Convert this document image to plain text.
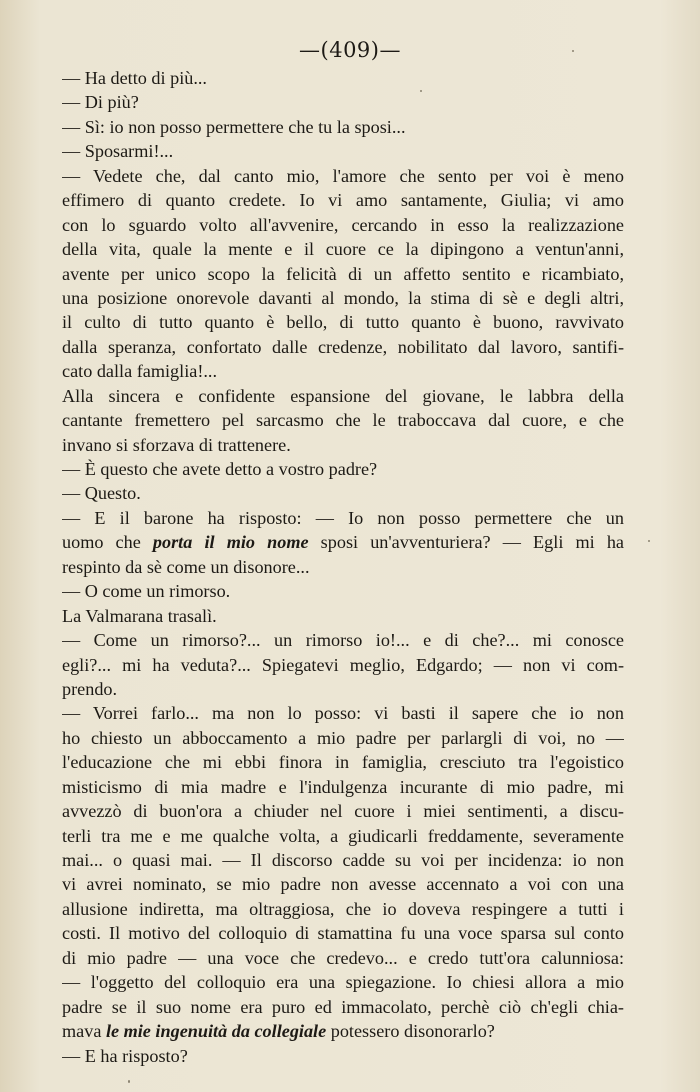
—(409)—
— Ha detto di più...
— Di più?
— Sì: io non posso permettere che tu la sposi...
— Sposarmi!...
— Vedete che, dal canto mio, l'amore che sento per voi è meno
effimero di quanto credete. Io vi amo santamente, Giulia; vi amo
con lo sguardo volto all'avvenire, cercando in esso la realizzazione
della vita, quale la mente e il cuore ce la dipingono a ventun'anni,
avente per unico scopo la felicità di un affetto sentito e ricambiato,
una posizione onorevole davanti al mondo, la stima di sè e degli altri,
il culto di tutto quanto è bello, di tutto quanto è buono, ravvivato
dalla speranza, confortato dalle credenze, nobilitato dal lavoro, santifi-
cato dalla famiglia!...
Alla sincera e confidente espansione del giovane, le labbra della
cantante fremettero pel sarcasmo che le traboccava dal cuore, e che
invano si sforzava di trattenere.
— È questo che avete detto a vostro padre?
— Questo.
— E il barone ha risposto: — Io non posso permettere che un
uomo che porta il mio nome sposi un'avventuriera? — Egli mi ha
respinto da sè come un disonore...
— O come un rimorso.
La Valmarana trasalì.
— Come un rimorso?... un rimorso io!... e di che?... mi conosce
egli?... mi ha veduta?... Spiegatevi meglio, Edgardo; — non vi com-
prendo.
— Vorrei farlo... ma non lo posso: vi basti il sapere che io non
ho chiesto un abboccamento a mio padre per parlargli di voi, no —
l'educazione che mi ebbi finora in famiglia, cresciuto tra l'egoistico
misticismo di mia madre e l'indulgenza incurante di mio padre, mi
avvezzò di buon'ora a chiuder nel cuore i miei sentimenti, a discu-
terli tra me e me qualche volta, a giudicarli freddamente, severamente
mai... o quasi mai. — Il discorso cadde su voi per incidenza: io non
vi avrei nominato, se mio padre non avesse accennato a voi con una
allusione indiretta, ma oltraggiosa, che io doveva respingere a tutti i
costi. Il motivo del colloquio di stamattina fu una voce sparsa sul conto
di mio padre — una voce che credevo... e credo tutt'ora calunniosa:
— l'oggetto del colloquio era una spiegazione. Io chiesi allora a mio
padre se il suo nome era puro ed immacolato, perchè ciò ch'egli chia-
mava le mie ingenuità da collegiale potessero disonorarlo?
— E ha risposto?
